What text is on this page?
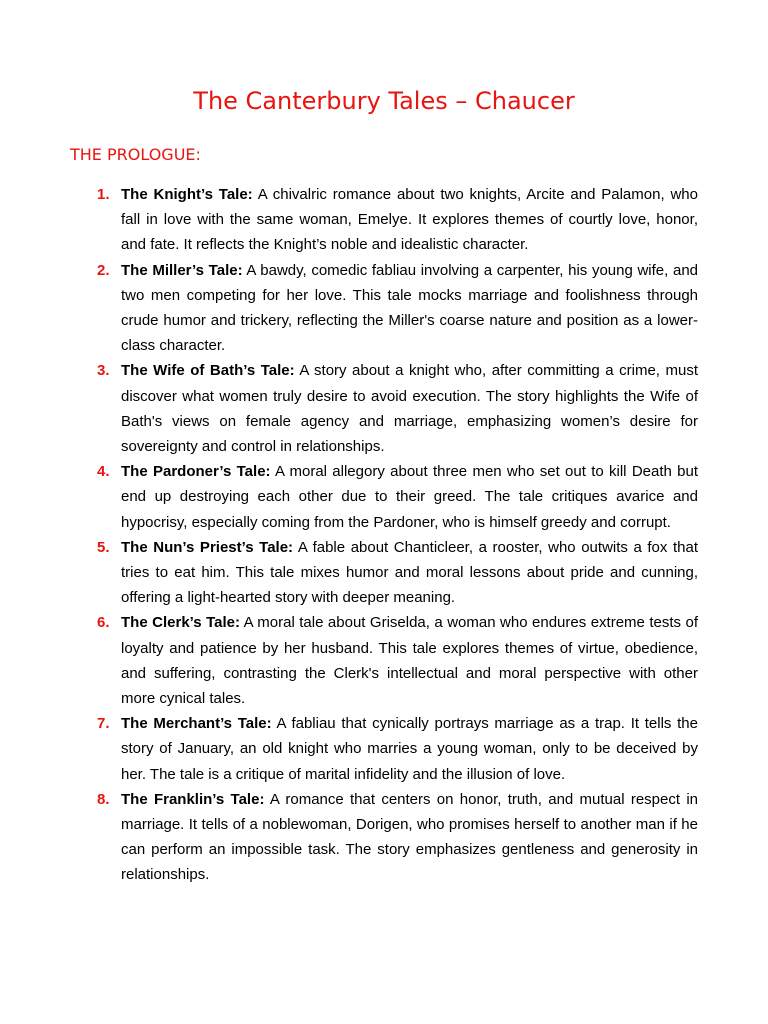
The Canterbury Tales – Chaucer
THE PROLOGUE:
1. The Knight’s Tale: A chivalric romance about two knights, Arcite and Palamon, who fall in love with the same woman, Emelye. It explores themes of courtly love, honor, and fate. It reflects the Knight’s noble and idealistic character.
2. The Miller’s Tale: A bawdy, comedic fabliau involving a carpenter, his young wife, and two men competing for her love. This tale mocks marriage and foolishness through crude humor and trickery, reflecting the Miller's coarse nature and position as a lower-class character.
3. The Wife of Bath’s Tale: A story about a knight who, after committing a crime, must discover what women truly desire to avoid execution. The story highlights the Wife of Bath's views on female agency and marriage, emphasizing women’s desire for sovereignty and control in relationships.
4. The Pardoner’s Tale: A moral allegory about three men who set out to kill Death but end up destroying each other due to their greed. The tale critiques avarice and hypocrisy, especially coming from the Pardoner, who is himself greedy and corrupt.
5. The Nun’s Priest’s Tale: A fable about Chanticleer, a rooster, who outwits a fox that tries to eat him. This tale mixes humor and moral lessons about pride and cunning, offering a light-hearted story with deeper meaning.
6. The Clerk’s Tale: A moral tale about Griselda, a woman who endures extreme tests of loyalty and patience by her husband. This tale explores themes of virtue, obedience, and suffering, contrasting the Clerk's intellectual and moral perspective with other more cynical tales.
7. The Merchant’s Tale: A fabliau that cynically portrays marriage as a trap. It tells the story of January, an old knight who marries a young woman, only to be deceived by her. The tale is a critique of marital infidelity and the illusion of love.
8. The Franklin’s Tale: A romance that centers on honor, truth, and mutual respect in marriage. It tells of a noblewoman, Dorigen, who promises herself to another man if he can perform an impossible task. The story emphasizes gentleness and generosity in relationships.
